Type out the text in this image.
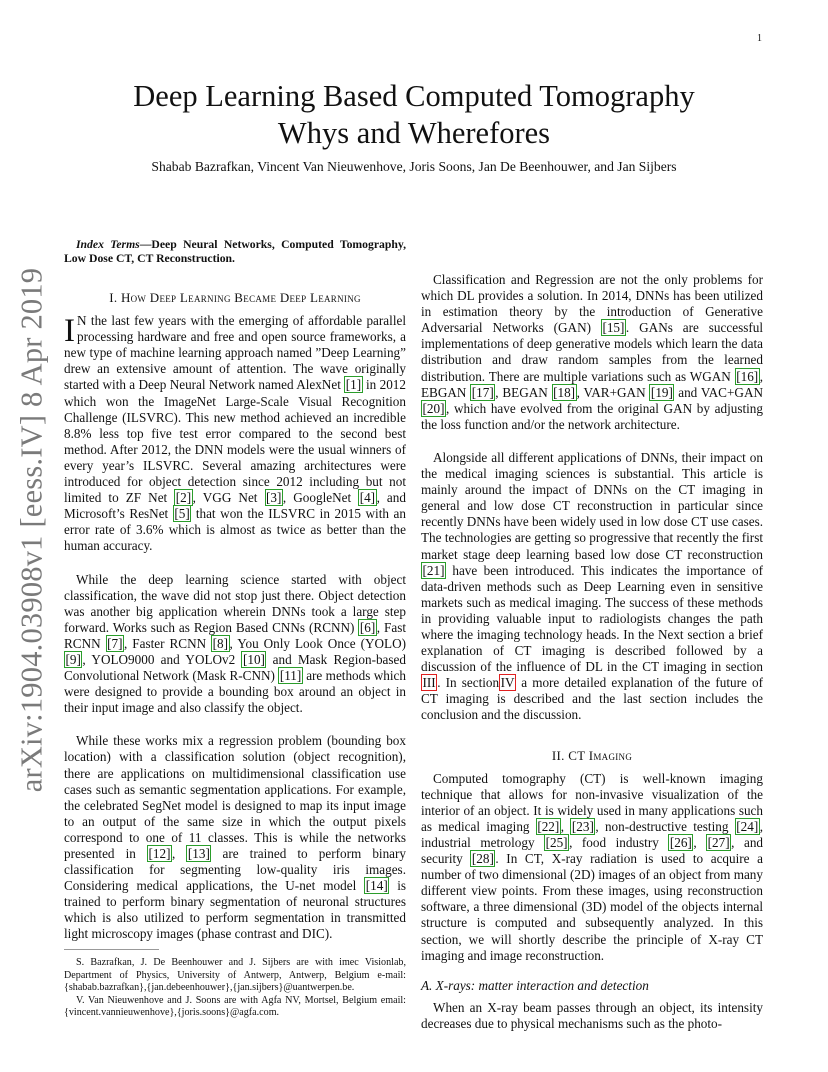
1
arXiv:1904.03908v1 [eess.IV] 8 Apr 2019
Deep Learning Based Computed Tomography
Whys and Wherefores
Shabab Bazrafkan, Vincent Van Nieuwenhove, Joris Soons, Jan De Beenhouwer, and Jan Sijbers

Index Terms—Deep Neural Networks, Computed Tomography, Low Dose CT, CT Reconstruction.

I. How Deep Learning Became Deep Learning

I N the last few years with the emerging of affordable parallel processing hardware and free and open source frameworks, a new type of machine learning approach named ”Deep Learning” drew an extensive amount of attention. The wave originally started with a Deep Neural Network named AlexNet [1] in 2012 which won the ImageNet Large-Scale Visual Recognition Challenge (ILSVRC). This new method achieved an incredible 8.8% less top five test error compared to the second best method. After 2012, the DNN models were the usual winners of every year’s ILSVRC. Several amazing architectures were introduced for object detection since 2012 including but not limited to ZF Net [2] , VGG Net [3] , GoogleNet [4] , and Microsoft’s ResNet [5] that won the ILSVRC in 2015 with an error rate of 3.6% which is almost as twice as better than the human accuracy.

While the deep learning science started with object classification, the wave did not stop just there. Object detection was another big application wherein DNNs took a large step forward. Works such as Region Based CNNs (RCNN) [6] , Fast RCNN [7] , Faster RCNN [8] , You Only Look Once (YOLO) [9] , YOLO9000 and YOLOv2 [10] and Mask Region-based Convolutional Network (Mask R-CNN) [11] are methods which were designed to provide a bounding box around an object in their input image and also classify the object.

While these works mix a regression problem (bounding box location) with a classification solution (object recognition), there are applications on multidimensional classification use cases such as semantic segmentation applications. For example, the celebrated SegNet model is designed to map its input image to an output of the same size in which the output pixels correspond to one of 11 classes. This is while the networks presented in [12] , [13] are trained to perform binary classification for segmenting low-quality iris images. Considering medical applications, the U-net model [14] is trained to perform binary segmentation of neuronal structures which is also utilized to perform segmentation in transmitted light microscopy images (phase contrast and DIC).

S. Bazrafkan, J. De Beenhouwer and J. Sijbers are with imec Visionlab, Department of Physics, University of Antwerp, Antwerp, Belgium e-mail: {shabab.bazrafkan},{jan.debeenhouwer},{jan.sijbers}@uantwerpen.be.

V. Van Nieuwenhove and J. Soons are with Agfa NV, Mortsel, Belgium email: {vincent.vannieuwenhove},{joris.soons}@agfa.com.

Classification and Regression are not the only problems for which DL provides a solution. In 2014, DNNs has been utilized in estimation theory by the introduction of Generative Adversarial Networks (GAN) [15] . GANs are successful implementations of deep generative models which learn the data distribution and draw random samples from the learned distribution. There are multiple variations such as WGAN [16] , EBGAN [17] , BEGAN [18] , VAR+GAN [19] and VAC+GAN [20] , which have evolved from the original GAN by adjusting the loss function and/or the network architecture.

Alongside all different applications of DNNs, their impact on the medical imaging sciences is substantial. This article is mainly around the impact of DNNs on the CT imaging in general and low dose CT reconstruction in particular since recently DNNs have been widely used in low dose CT use cases. The technologies are getting so progressive that recently the first market stage deep learning based low dose CT reconstruction [21] have been introduced. This indicates the importance of data-driven methods such as Deep Learning even in sensitive markets such as medical imaging. The success of these methods in providing valuable input to radiologists changes the path where the imaging technology heads. In the Next section a brief explanation of CT imaging is described followed by a discussion of the influence of DL in the CT imaging in section III . In section IV a more detailed explanation of the future of CT imaging is described and the last section includes the conclusion and the discussion.

II. CT Imaging

Computed tomography (CT) is well-known imaging technique that allows for non-invasive visualization of the interior of an object. It is widely used in many applications such as medical imaging [22] , [23] , non-destructive testing [24] , industrial metrology [25] , food industry [26] , [27] , and security [28] . In CT, X-ray radiation is used to acquire a number of two dimensional (2D) images of an object from many different view points. From these images, using reconstruction software, a three dimensional (3D) model of the objects internal structure is computed and subsequently analyzed. In this section, we will shortly describe the principle of X-ray CT imaging and image reconstruction.

A. X-rays: matter interaction and detection

When an X-ray beam passes through an object, its intensity decreases due to physical mechanisms such as the photo-
